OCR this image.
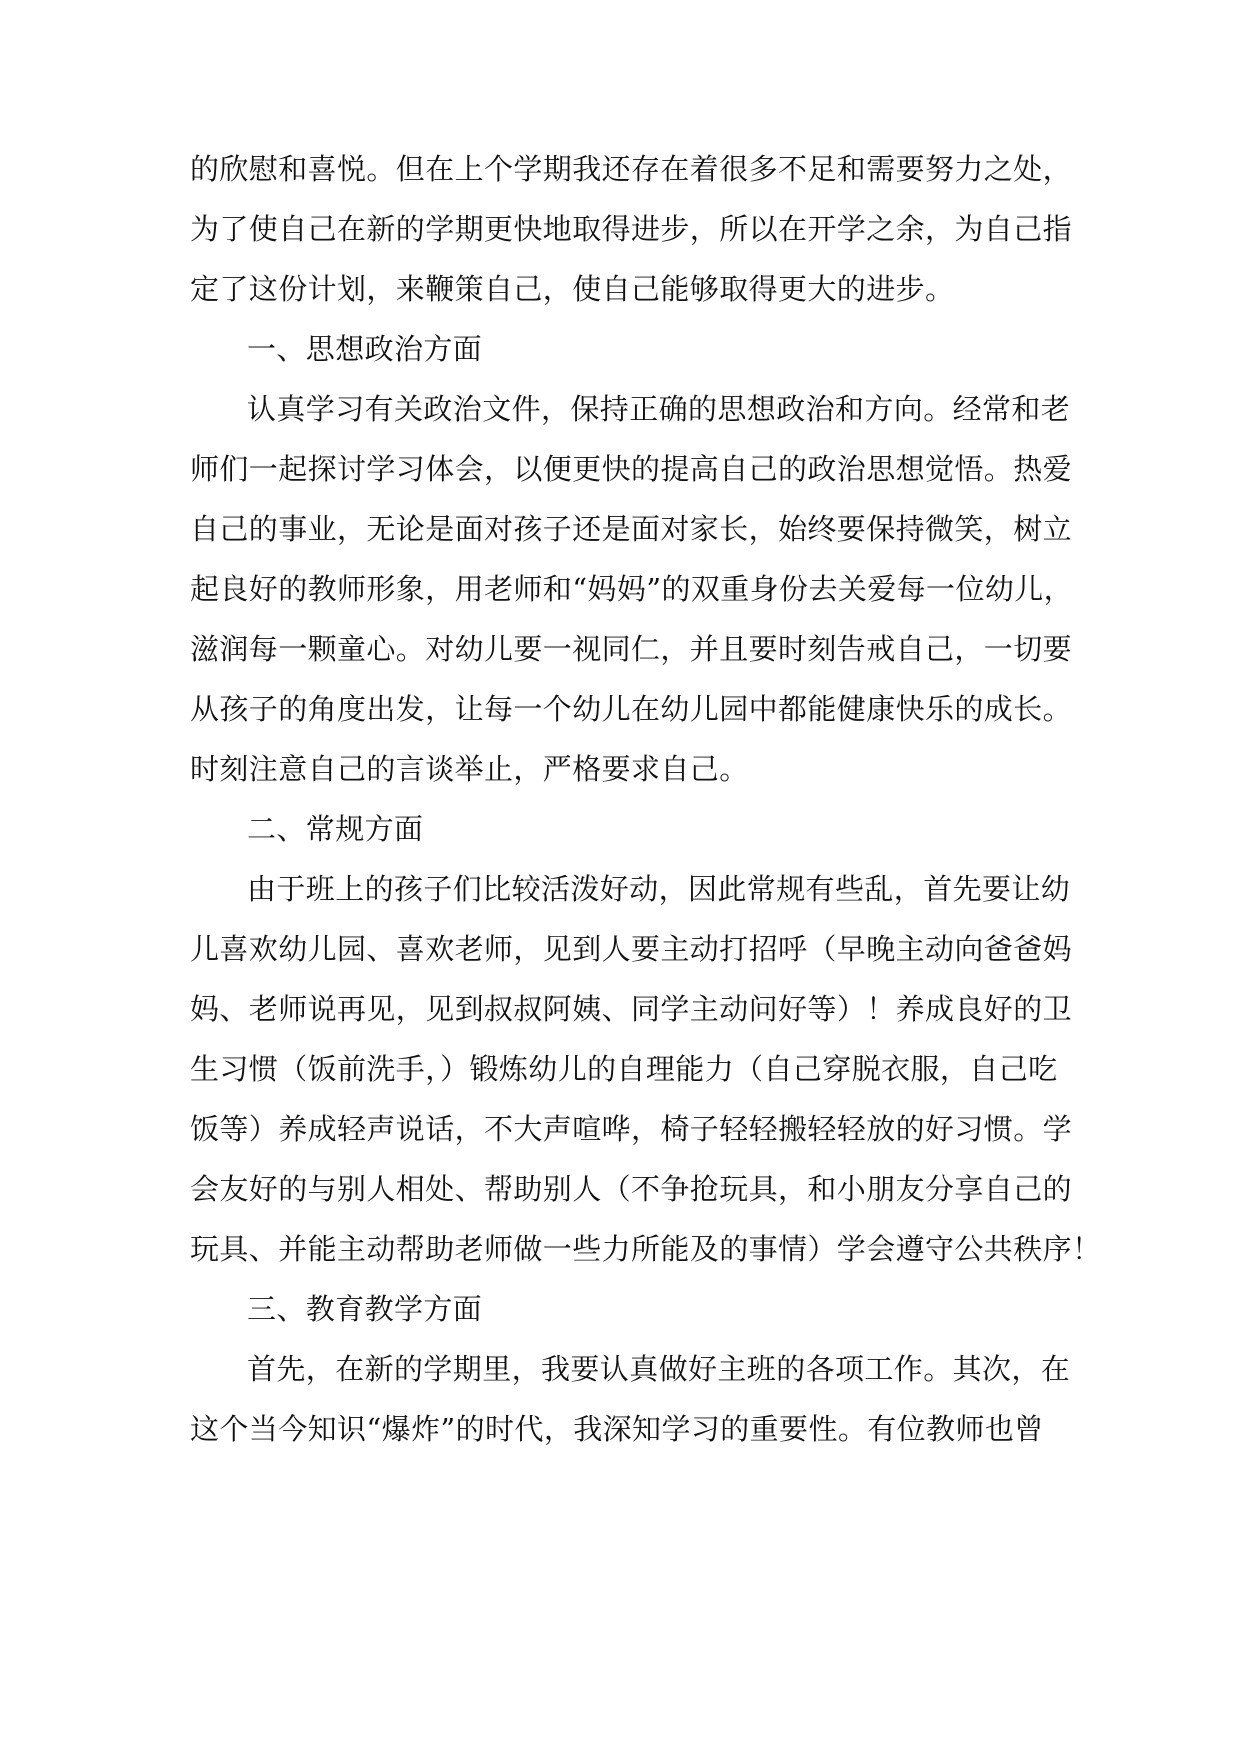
的欣慰和喜悦。但在上个学期我还存在着很多不足和需要努力之处，
为了使自己在新的学期更快地取得进步，所以在开学之余，为自己指
定了这份计划，来鞭策自己，使自己能够取得更大的进步。
一、思想政治方面
认真学习有关政治文件，保持正确的思想政治和方向。经常和老
师们一起探讨学习体会，以便更快的提高自己的政治思想觉悟。热爱
自己的事业，无论是面对孩子还是面对家长，始终要保持微笑，树立
起良好的教师形象，用老师和“妈妈”的双重身份去关爱每一位幼儿，
滋润每一颗童心。对幼儿要一视同仁，并且要时刻告戒自己，一切要
从孩子的角度出发，让每一个幼儿在幼儿园中都能健康快乐的成长。
时刻注意自己的言谈举止，严格要求自己。
二、常规方面
由于班上的孩子们比较活泼好动，因此常规有些乱，首先要让幼
儿喜欢幼儿园、喜欢老师，见到人要主动打招呼（早晚主动向爸爸妈
妈、老师说再见，见到叔叔阿姨、同学主动问好等）！养成良好的卫
生习惯（饭前洗手，）锻炼幼儿的自理能力（自己穿脱衣服，自己吃
饭等）养成轻声说话，不大声喧哗，椅子轻轻搬轻轻放的好习惯。学
会友好的与别人相处、帮助别人（不争抢玩具，和小朋友分享自己的
玩具、并能主动帮助老师做一些力所能及的事情）学会遵守公共秩序！
三、教育教学方面
首先，在新的学期里，我要认真做好主班的各项工作。其次，在
这个当今知识“爆炸”的时代，我深知学习的重要性。有位教师也曾
